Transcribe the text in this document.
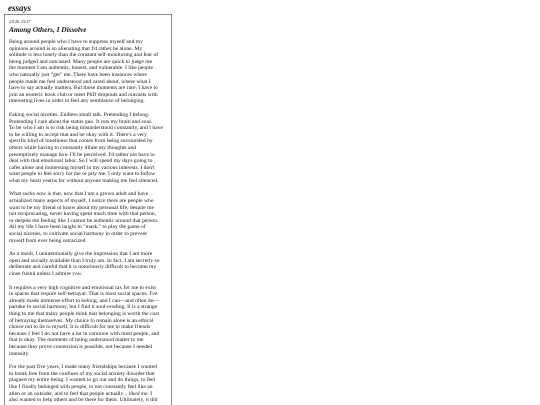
essays
2.9.26, 23:37
Among Others, I Dissolve

Being around people who I have to suppress myself and my
opinions around is so alienating that I'd rather be alone. My
solitude is less lonely than the constant self-monitoring and fear of
being judged and outcasted. Many people are quick to judge me
the moment I am authentic, honest, and vulnerable. I like people
who naturally just "get" me. There have been instances where
people made me feel understood and cared about, where what I
have to say actually matters. But those moments are rare. I have to
join an esoteric book club or meet PhD dropouts and outcasts with
interesting lives in order to feel any semblance of belonging.

Faking social niceties. Endless small talk. Pretending I belong.
Pretending I care about the status quo. It rots my brain and soul.
To be who I am is to risk being misunderstood constantly, and I have
to be willing to accept that and be okay with it. There's a very
specific kind of loneliness that comes from being surrounded by
others while having to constantly dilute my thoughts and
preemptively manage how I'll be perceived. I'd rather not have to
deal with that emotional labor. So I will spend my days going to
cafes alone and immersing myself in my various interests. I don't
want people to feel sorry for me or pity me. I only want to follow
what my heart yearns for without anyone making me feel silenced.

What sucks now is that, now that I am a grown adult and have
actualized many aspects of myself, I notice there are people who
want to be my friend or know about my personal life, despite me
not reciprocating, never having spent much time with that person,
or despite me feeling like I cannot be authentic around that person.
All my life I have been taught to "mask," to play the game of
social niceties, to cultivate social harmony in order to prevent
myself from ever being ostracized.

As a result, I unintentionally give the impression that I am more
open and socially available than I truly am. In fact, I am secretly so
deliberate and careful that it is notoriously difficult to become my
close friend unless I admire you.

It requires a very high cognitive and emotional tax for me to exist
in spaces that require self-betrayal. That is most social spaces. I've
already made immense effort to belong, and I can—and often do—
partake in social harmony, but I find it soul-eroding. It is a strange
thing to me that many people think that belonging is worth the cost
of betraying themselves. My choice to remain alone is an ethical
choice not to lie to myself. It is difficult for me to make friends
because I feel I do not have a lot in common with most people, and
that is okay. The moments of being understood matter to me
because they prove connection is possible, not because I needed
intensity.

For the past five years, I made many friendships because I wanted
to break free from the confines of my social anxiety disorder that
plagued my entire being. I wanted to go out and do things, to feel
like I finally belonged with people, to not constantly feel like an
alien or an outsider, and to feel that people actually... liked me. I
also wanted to help others and be there for them. Ultimately, it did
